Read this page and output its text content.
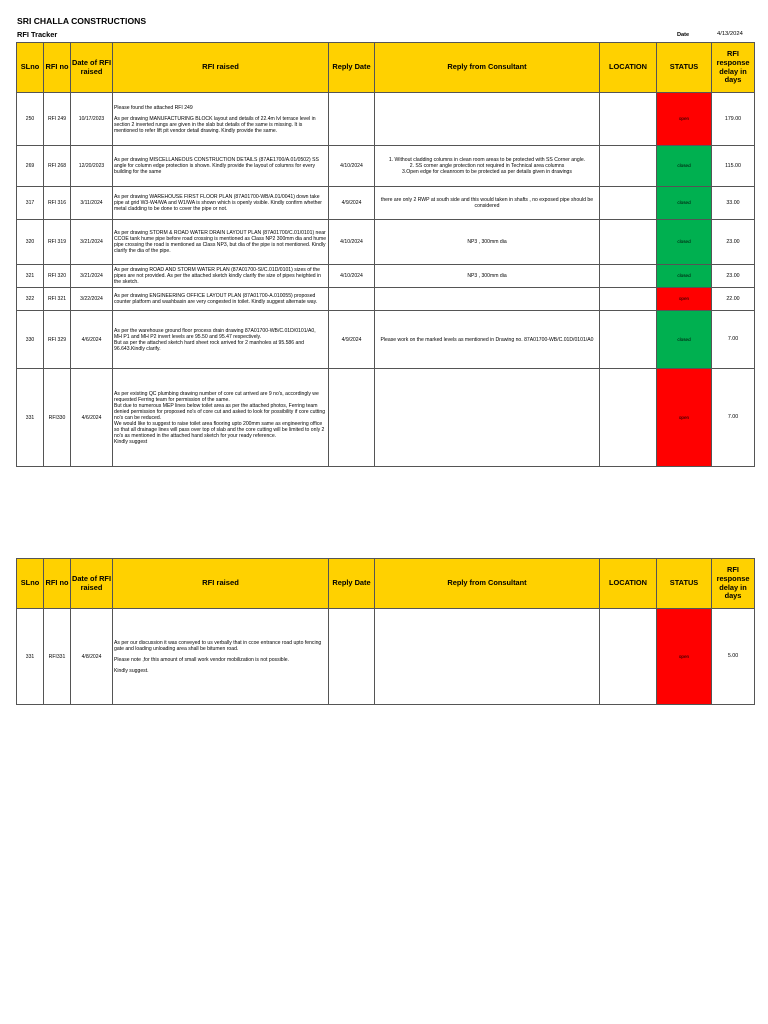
SRI CHALLA CONSTRUCTIONS
RFI Tracker	Date	4/13/2024
SLno	RFI no	Date of RFI raised	RFI raised	Reply Date	Reply from Consultant	LOCATION	STATUS	RFI response delay in days
250	RFI 249	10/17/2023	Please found the attached RFI 249

As per drawing MANUFACTURING BLOCK layout and details of 22.4m lvl terrace level in section 2 inverted rungs are given in the slab but details of the same is missing. It is mentioned to refer lift pit vendor detail drawing. Kindly provide the same.				open	179.00
269	RFI 268	12/20/2023	As per drawing MISCELLANEOUS CONSTRUCTION DETAILS (87AE1700/A.01/0502) SS angle for column edge protection is shown. Kindly provide the layout of columns for every building for the same	4/10/2024	1. Without cladding columns in clean room areas to be protected with SS Corner angle.
2. SS corner angle protection not required in Technical area columns
3.Open edge for cleanroom to be protected as per details given in drawings		closed	115.00
317	RFI 316	3/11/2024	As per drawing WAREHOUSE FIRST FLOOR PLAN (87A01700-WB/A.01/0041) down take pipe at grid W3-W4/WA and W1/WA is shown which is openly visible. Kindly confirm whether metal cladding to be done to cover the pipe or not.	4/9/2024	there are only 2 RWP at south side and this would taken in shafts , no exposed pipe should be considered		closed	33.00
320	RFI 319	3/21/2024	As per drawing STORM & ROAD WATER DRAIN LAYOUT PLAN (87A01700/C.01/0101) near CCOE tank hume pipe before road crossing is mentioned as Class NP2 300mm dia and hume pipe crossing the road is mentioned as Class NP3, but dia of the pipe is not mentioned. Kindly clarify the dia of the pipe.	4/10/2024	NP3 , 300mm dia		closed	23.00
321	RFI 320	3/21/2024	As per drawing ROAD AND STORM WATER PLAN (87A01700-SI/C.01D/0101) sizes of the pipes are not provided. As per the attached sketch kindly clarify the size of pipes heighted in the sketch.	4/10/2024	NP3 , 300mm dia		closed	23.00
322	RFI 321	3/22/2024	As per drawing ENGINEERING OFFICE LAYOUT PLAN (87A01700-A.010055) proposed counter platform and washbasin are very congested in toilet. Kindly suggest alternate way.				open	22.00
330	RFI 329	4/6/2024	As per the warehouse ground floor process drain drawing 87A01700-WB/C.01D/0101/A0,
MH P1 and MH P2 invert levels are 95.50 and 95.47 respectively.
But as per the attached sketch hard sheet rock arrived for 2 manholes at 95.586 and 96.643.Kindly clarify.	4/9/2024	Please work on the marked levels as mentioned in Drawing no. 87A01700-WB/C.01D/0101/A0		closed	7.00
331	RFI330	4/6/2024	As per existing QC plumbing drawing number of core cut arrived are 9 no's, accordingly we requested Ferring team for permission of the same.
But due to numerous MEP lines below toilet area as per the attached photos, Ferring team denied permission for proposed no's of core cut and asked to look for possibility if core cutting no's can be reduced.
We would like to suggest to raise toilet area flooring upto 200mm same as engineering office so that all drainage lines will pass over top of slab and the core cutting will be limited to only 2 no's as mentioned in the attached hand sketch for your ready reference.
Kindly suggest				open	7.00
SLno	RFI no	Date of RFI raised	RFI raised	Reply Date	Reply from Consultant	LOCATION	STATUS	RFI response delay in days
331	RFI331	4/8/2024	As per our discussion it was conveyed to us verbally that in ccoe entrance road upto fencing gate and loading unloading area shall be bitumen road.

Please note ,for this amount of small work vendor mobilization is not possible.

Kindly suggest.				open	5.00
